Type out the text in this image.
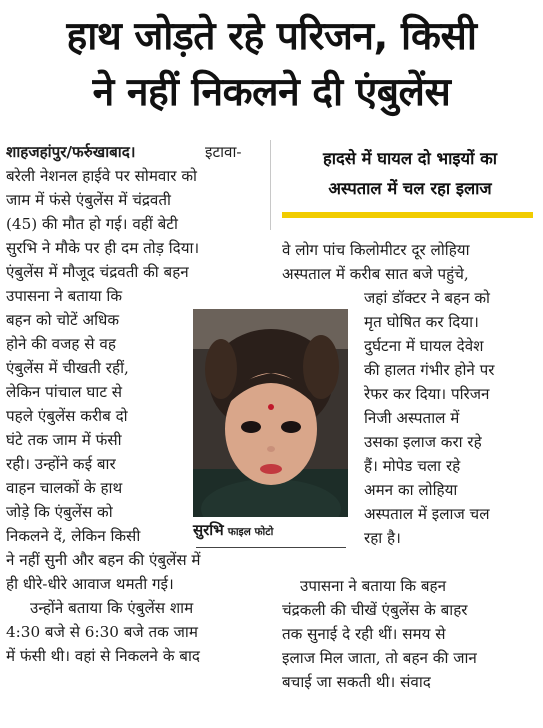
हाथ जोड़ते रहे परिजन, किसी
ने नहीं निकलने दी एंबुलेंस
हादसे में घायल दो भाइयों का
अस्पताल में चल रहा इलाज
शाहजहांपुर/फर्रुखाबाद।	इटावा-
बरेली नेशनल हाईवे पर सोमवार को
जाम में फंसे एंबुलेंस में चंद्रवती
(45) की मौत हो गई। वहीं बेटी
सुरभि ने मौके पर ही दम तोड़ दिया।
एंबुलेंस में मौजूद चंद्रवती की बहन
उपासना ने बताया कि
बहन को चोटें अधिक
होने की वजह से वह
एंबुलेंस में चीखती रहीं,
लेकिन पांचाल घाट से
पहले एंबुलेंस करीब दो
घंटे तक जाम में फंसी
रही। उन्होंने कई बार
वाहन चालकों के हाथ
जोड़े कि एंबुलेंस को
निकलने दें, लेकिन किसी
ने नहीं सुनी और बहन की एंबुलेंस में
ही धीरे-धीरे आवाज थमती गई।
उन्होंने बताया कि एंबुलेंस शाम
4:30 बजे से 6:30 बजे तक जाम
में फंसी थी। वहां से निकलने के बाद
वे लोग पांच किलोमीटर दूर लोहिया
अस्पताल में करीब सात बजे पहुंचे,
जहां डॉक्टर ने बहन को
मृत घोषित कर दिया।
दुर्घटना में घायल देवेश
की हालत गंभीर होने पर
रेफर कर दिया। परिजन
निजी अस्पताल में
उसका इलाज करा रहे
हैं। मोपेड चला रहे
अमन का लोहिया
अस्पताल में इलाज चल
रहा है।
उपासना ने बताया कि बहन
चंद्रकली की चीखें एंबुलेंस के बाहर
तक सुनाई दे रही थीं। समय से
इलाज मिल जाता, तो बहन की जान
बचाई जा सकती थी। संवाद
सुरभि फाइल फोटो
